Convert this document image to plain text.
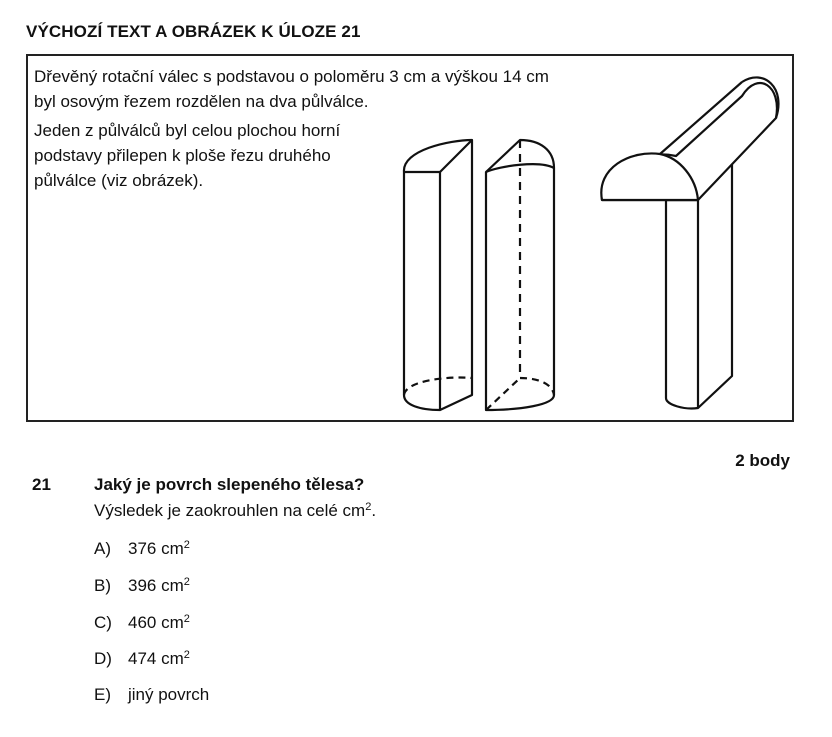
VÝCHOZÍ TEXT A OBRÁZEK K ÚLOZE 21

Dřevěný rotační válec s podstavou o poloměru 3 cm a výškou 14 cm

byl osovým řezem rozdělen na dva půlválce.

Jeden z půlválců byl celou plochou horní podstavy přilepen k ploše řezu druhého půlválce (viz obrázek).

2 body
21	Jaký je povrch slepeného tělesa?
Výsledek je zaokrouhlen na celé $cm^2$.
A)	376 $cm^2$
B)	396 $cm^2$
C) 460 $cm^2$
D) 474 $cm^2$
E)	jiný povrch
